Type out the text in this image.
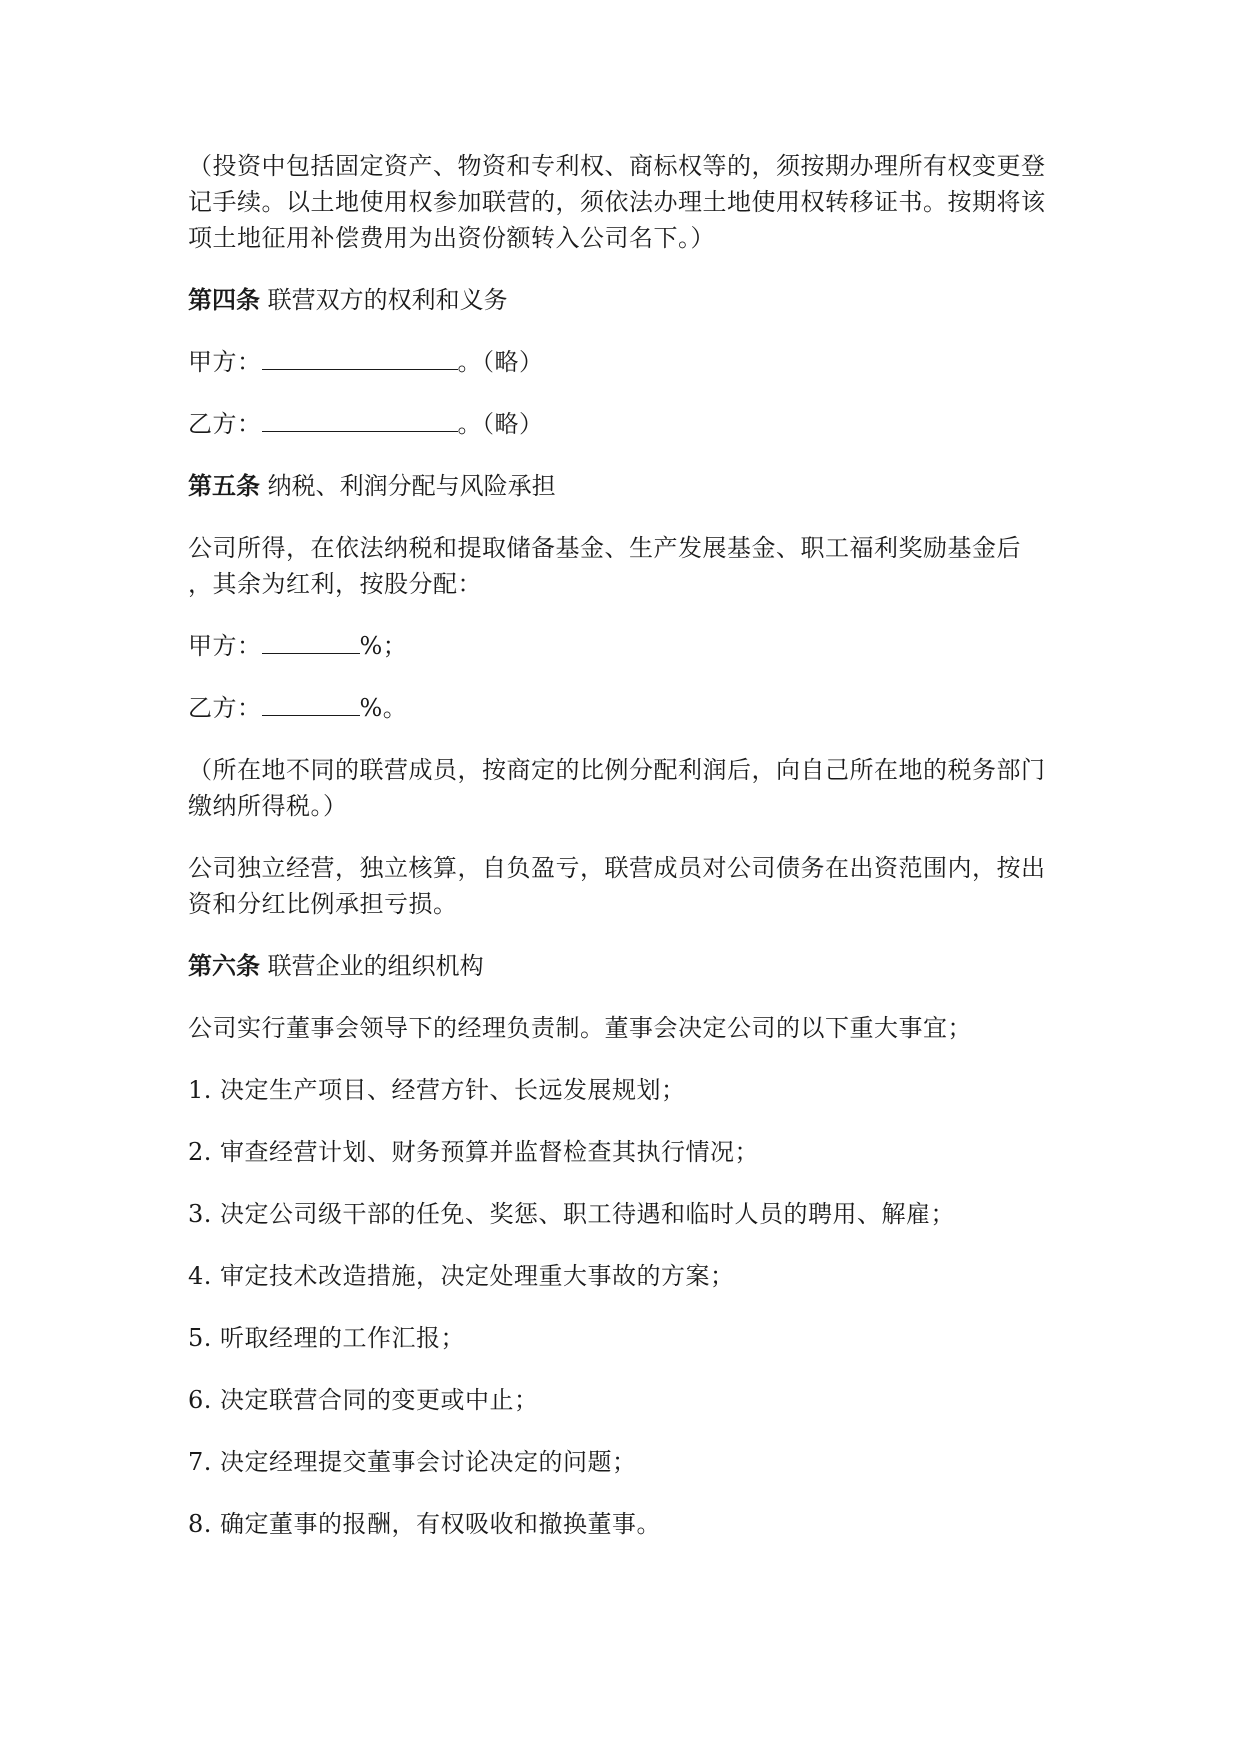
（投资中包括固定资产、物资和专利权、商标权等的，须按期办理所有权变更登记手续。以土地使用权参加联营的，须依法办理土地使用权转移证书。按期将该项土地征用补偿费用为出资份额转入公司名下。）

第四条 联营双方的权利和义务

甲方：	。（略）

乙方：	。（略）

第五条 纳税、利润分配与风险承担

公司所得，在依法纳税和提取储备基金、生产发展基金、职工福利奖励基金后

，其余为红利，按股分配：

甲方：	%；

乙方：	%。

（所在地不同的联营成员，按商定的比例分配利润后，向自己所在地的税务部门缴纳所得税。）

公司独立经营，独立核算，自负盈亏，联营成员对公司债务在出资范围内，按出资和分红比例承担亏损。

第六条 联营企业的组织机构

公司实行董事会领导下的经理负责制。董事会决定公司的以下重大事宜；

1. 决定生产项目、经营方针、长远发展规划；

2. 审查经营计划、财务预算并监督检查其执行情况；

3. 决定公司级干部的任免、奖惩、职工待遇和临时人员的聘用、解雇；

4. 审定技术改造措施，决定处理重大事故的方案；

5. 听取经理的工作汇报；

6. 决定联营合同的变更或中止；

7. 决定经理提交董事会讨论决定的问题；

8. 确定董事的报酬，有权吸收和撤换董事。
